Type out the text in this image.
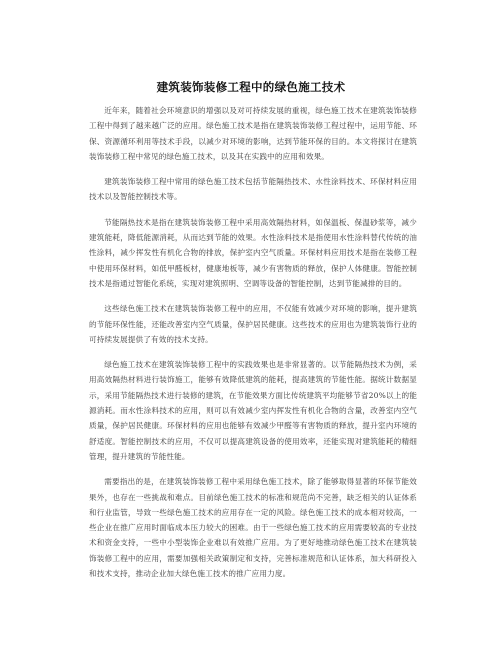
建筑装饰装修工程中的绿色施工技术

近年来，随着社会环境意识的增强以及对可持续发展的重视，绿色施工技术在建筑装饰装修工程中得到了越来越广泛的应用。绿色施工技术是指在建筑装饰装修工程过程中，运用节能、环保、资源循环利用等技术手段，以减少对环境的影响，达到节能环保的目的。本文将探讨在建筑装饰装修工程中常见的绿色施工技术，以及其在实践中的应用和效果。

建筑装饰装修工程中常用的绿色施工技术包括节能隔热技术、水性涂料技术、环保材料应用技术以及智能控制技术等。

节能隔热技术是指在建筑装饰装修工程中采用高效隔热材料，如保温板、保温砂浆等，减少建筑能耗，降低能源消耗，从而达到节能的效果。水性涂料技术是指使用水性涂料替代传统的油性涂料，减少挥发性有机化合物的排放，保护室内空气质量。环保材料应用技术是指在装修工程中使用环保材料，如低甲醛板材，健康地板等，减少有害物质的释放，保护人体健康。智能控制技术是指通过智能化系统，实现对建筑照明、空调等设备的智能控制，达到节能减排的目的。

这些绿色施工技术在建筑装饰装修工程中的应用，不仅能有效减少对环境的影响，提升建筑的节能环保性能，还能改善室内空气质量，保护居民健康。这些技术的应用也为建筑装饰行业的可持续发展提供了有效的技术支持。

绿色施工技术在建筑装饰装修工程中的实践效果也是非常显著的。以节能隔热技术为例，采用高效隔热材料进行装饰施工，能够有效降低建筑的能耗，提高建筑的节能性能。据统计数据显示，采用节能隔热技术进行装修的建筑，在节能效果方面比传统建筑平均能够节省20%以上的能源消耗。而水性涂料技术的应用，则可以有效减少室内挥发性有机化合物的含量，改善室内空气质量，保护居民健康。环保材料的应用也能够有效减少甲醛等有害物质的释放，提升室内环境的舒适度。智能控制技术的应用，不仅可以提高建筑设备的使用效率，还能实现对建筑能耗的精细管理，提升建筑的节能性能。

需要指出的是，在建筑装饰装修工程中采用绿色施工技术，除了能够取得显著的环保节能效果外，也存在一些挑战和难点。目前绿色施工技术的标准和规范尚不完善，缺乏相关的认证体系和行业监管，导致一些绿色施工技术的应用存在一定的风险。绿色施工技术的成本相对较高，一些企业在推广应用时面临成本压力较大的困难。由于一些绿色施工技术的应用需要较高的专业技术和资金支持，一些中小型装饰企业难以有效推广应用。为了更好地推动绿色施工技术在建筑装饰装修工程中的应用，需要加强相关政策制定和支持，完善标准规范和认证体系，加大科研投入和技术支持，推动企业加大绿色施工技术的推广应用力度。
